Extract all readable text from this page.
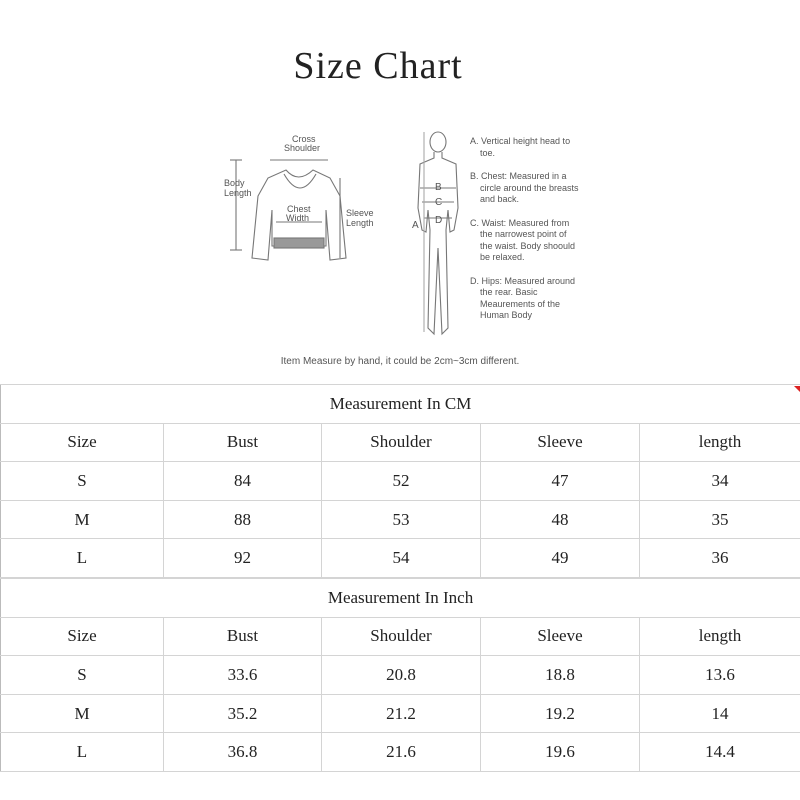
Size Chart
Cross
Shoulder
Body
Length
Chest
Width	Sleeve
Length	A
B
C
D
A. Vertical height head to toe.
B. Chest: Measured in a circle around the breasts and back.
C. Waist: Measured from the narrowest point of the waist. Body shoould be relaxed.
D. Hips: Measured around the rear. Basic Meaurements of the Human Body
Item Measure by hand, it could be 2cm~3cm different.
Measurement In CM				
Size	Bust	Shoulder	Sleeve	length
S	84	52	47	34
M	88	53	48	35
L	92	54	49	36
Measurement In Inch				
Size	Bust	Shoulder	Sleeve	length
S	33.6	20.8	18.8	13.6
M	35.2	21.2	19.2	14
L	36.8	21.6	19.6	14.4
